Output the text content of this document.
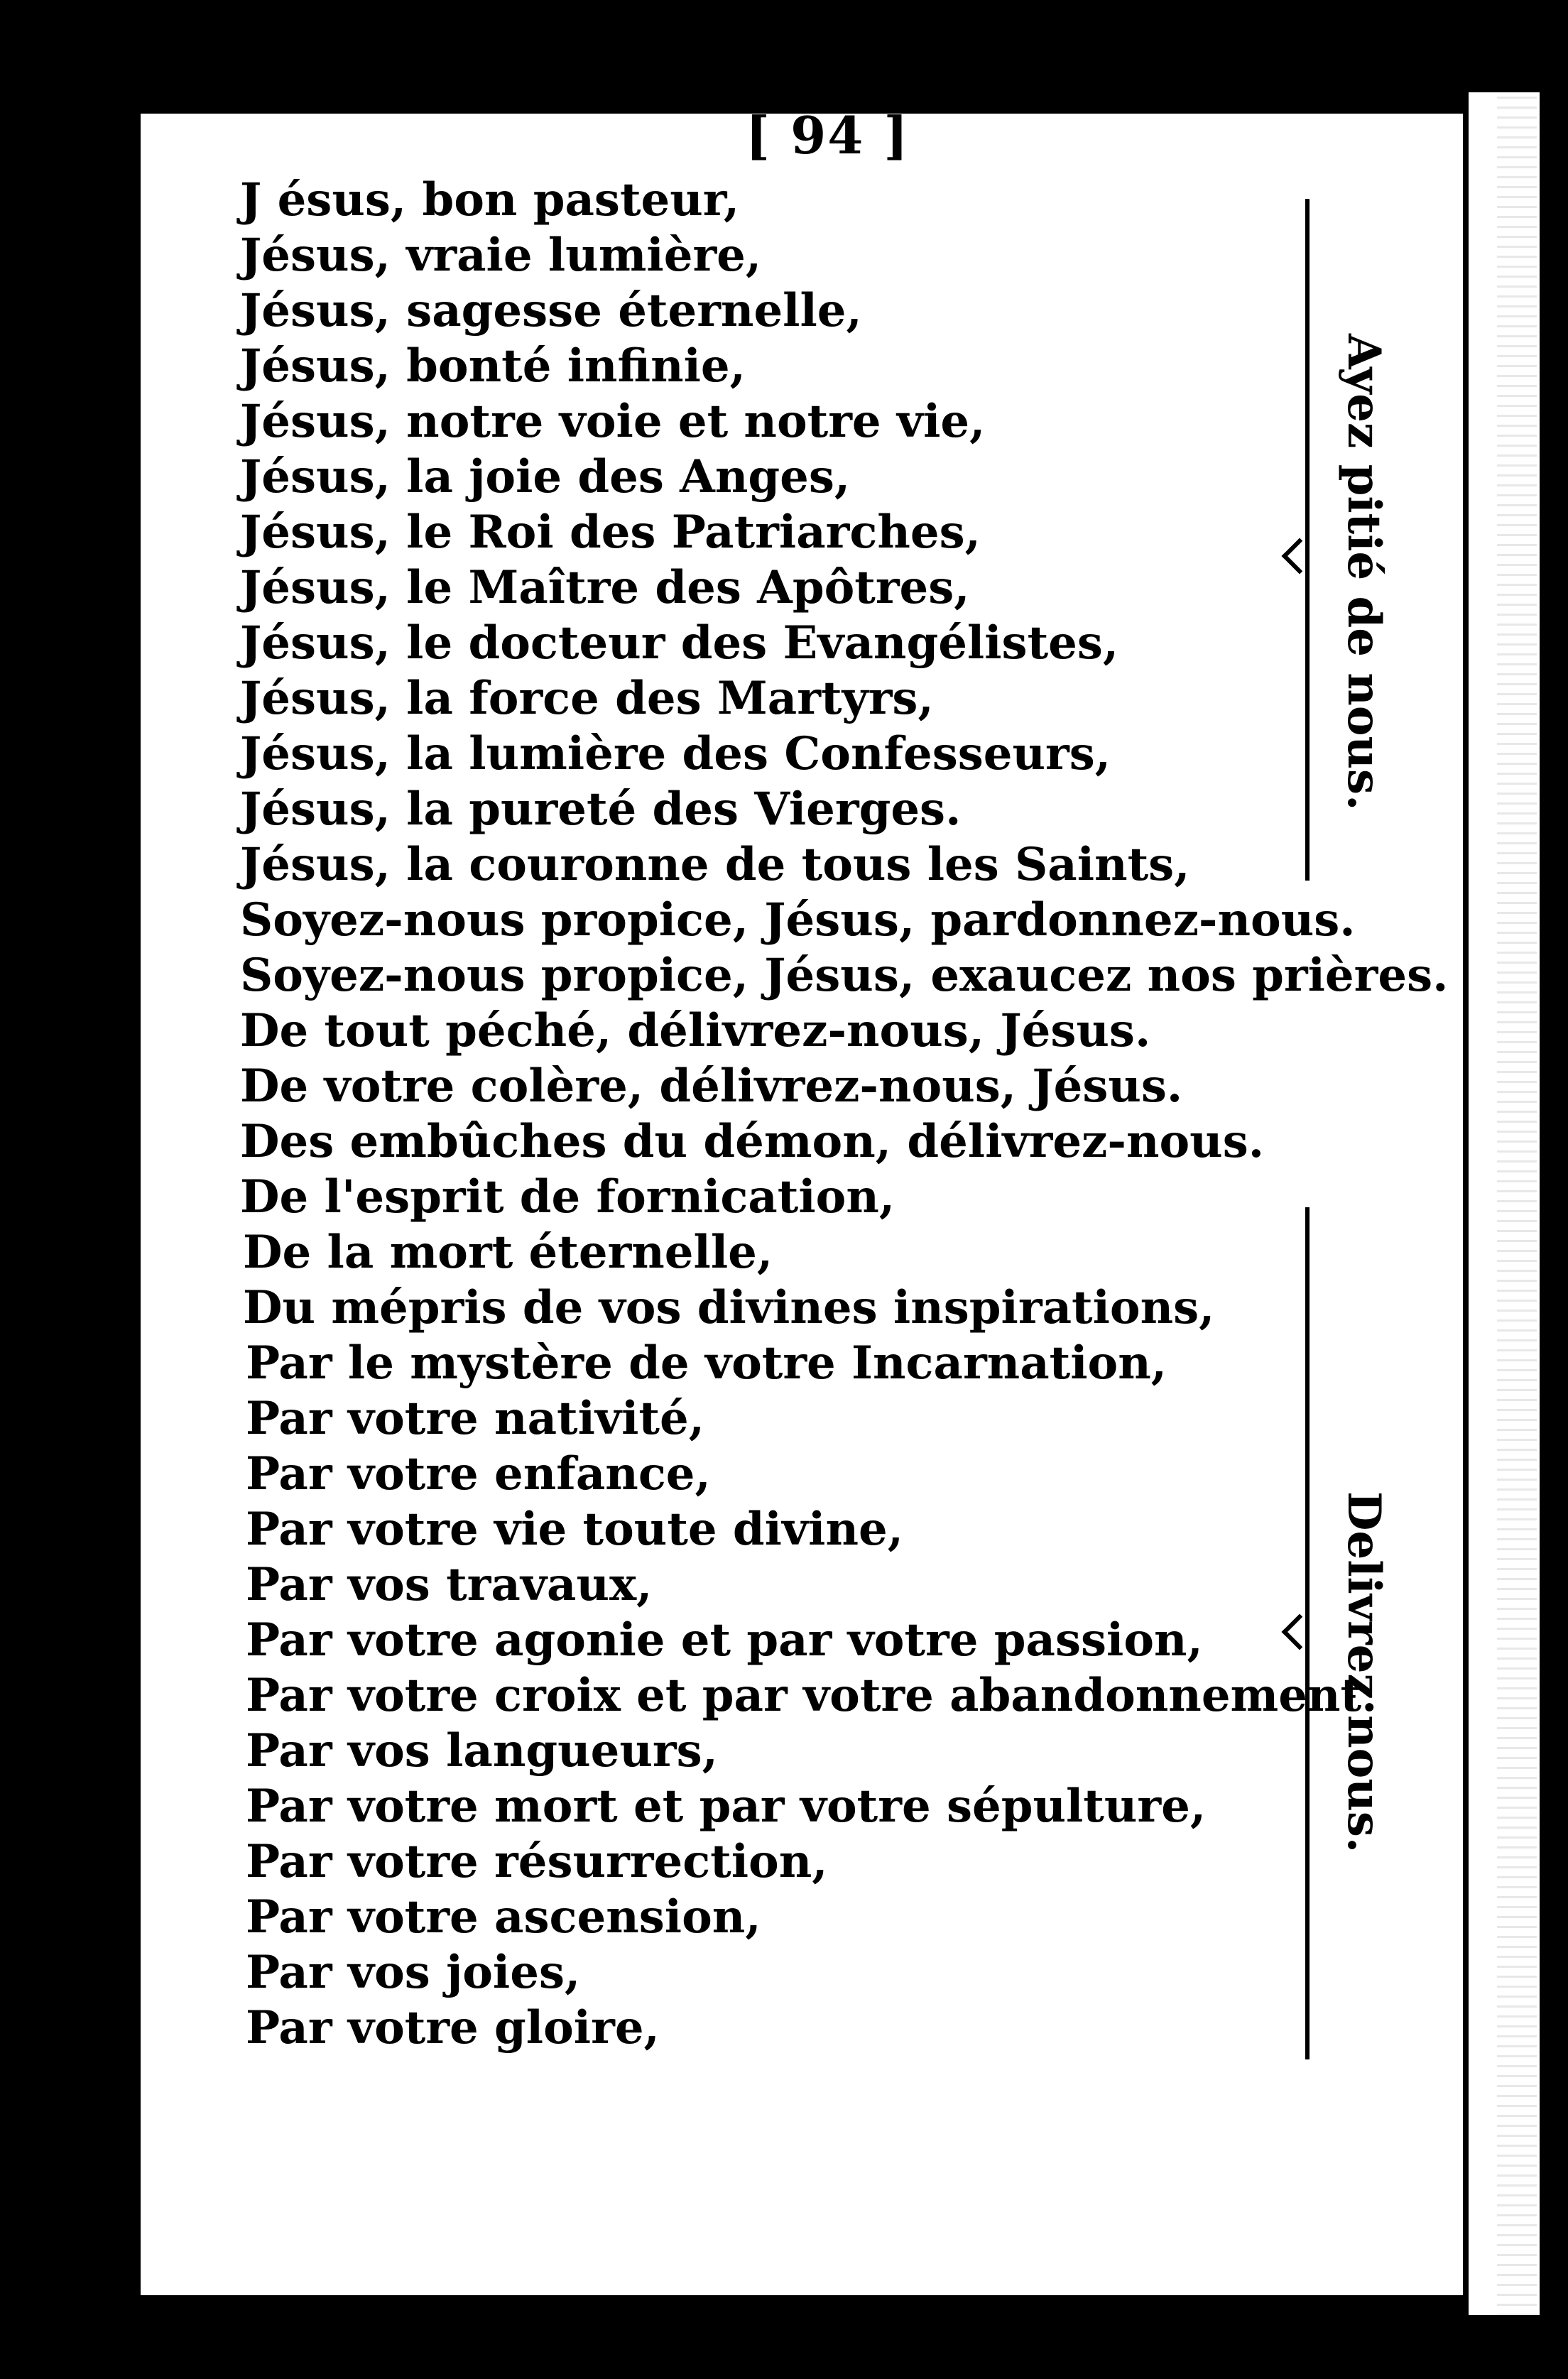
[ 94 ]
J ésus, bon pasteur,
Jésus, vraie lumière,
Jésus, sagesse éternelle,
Jésus, bonté infinie,
Jésus, notre voie et notre vie,
Jésus, la joie des Anges,
Jésus, le Roi des Patriarches,
Jésus, le Maître des Apôtres,
Jésus, le docteur des Evangélistes,
Jésus, la force des Martyrs,
Jésus, la lumière des Confesseurs,
Jésus, la pureté des Vierges.
Jésus, la couronne de tous les Saints,
Soyez-nous propice, Jésus, pardonnez-nous.
Soyez-nous propice, Jésus, exaucez nos prières.
De tout péché, délivrez-nous, Jésus.
De votre colère, délivrez-nous, Jésus.
Des embûches du démon, délivrez-nous.
De l'esprit de fornication,
De la mort éternelle,
Du mépris de vos divines inspirations,
Par le mystère de votre Incarnation,
Par votre nativité,
Par votre enfance,
Par votre vie toute divine,
Par vos travaux,
Par votre agonie et par votre passion,
Par votre croix et par votre abandonnement.
Par vos langueurs,
Par votre mort et par votre sépulture,
Par votre résurrection,
Par votre ascension,
Par vos joies,
Par votre gloire,
Ayez pitié de nous.
Delivrez nous.
